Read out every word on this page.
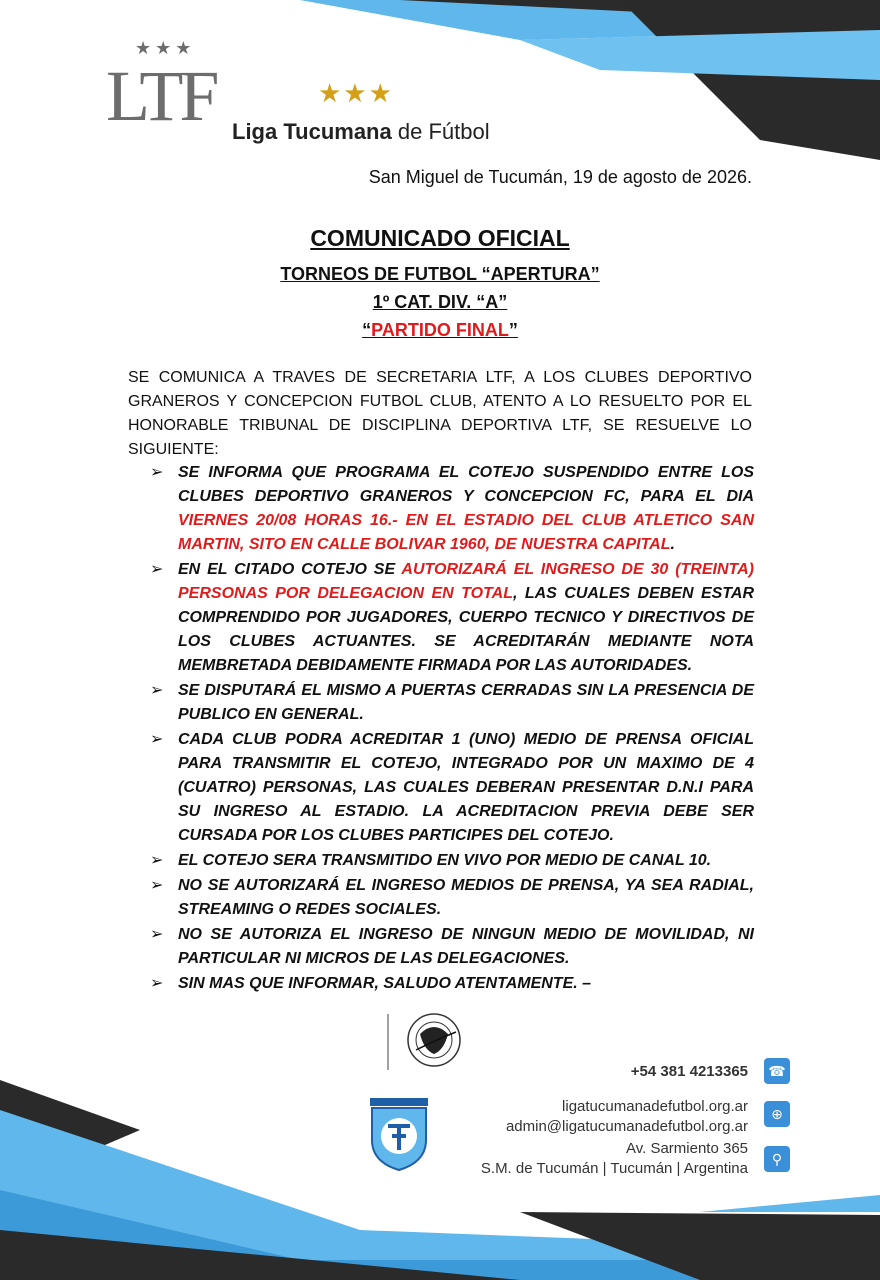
★★★
LTF	★★★
Liga Tucumana de Fútbol
San Miguel de Tucumán, 19 de agosto de 2026.
COMUNICADO OFICIAL
TORNEOS DE FUTBOL “APERTURA”
1º CAT. DIV. “A”
“PARTIDO FINAL”
SE COMUNICA A TRAVES DE SECRETARIA LTF, A LOS CLUBES DEPORTIVO GRANEROS Y CONCEPCION FUTBOL CLUB, ATENTO A LO RESUELTO POR EL HONORABLE TRIBUNAL DE DISCIPLINA DEPORTIVA LTF, SE RESUELVE LO SIGUIENTE:
➢ SE INFORMA QUE PROGRAMA EL COTEJO SUSPENDIDO ENTRE LOS CLUBES DEPORTIVO GRANEROS Y CONCEPCION FC, PARA EL DIA VIERNES 20/08 HORAS 16.- EN EL ESTADIO DEL CLUB ATLETICO SAN MARTIN, SITO EN CALLE BOLIVAR 1960, DE NUESTRA CAPITAL.
➢ EN EL CITADO COTEJO SE AUTORIZARÁ EL INGRESO DE 30 (TREINTA) PERSONAS POR DELEGACION EN TOTAL, LAS CUALES DEBEN ESTAR COMPRENDIDO POR JUGADORES, CUERPO TECNICO Y DIRECTIVOS DE LOS CLUBES ACTUANTES. SE ACREDITARÁN MEDIANTE NOTA MEMBRETADA DEBIDAMENTE FIRMADA POR LAS AUTORIDADES.
➢ SE DISPUTARÁ EL MISMO A PUERTAS CERRADAS SIN LA PRESENCIA DE PUBLICO EN GENERAL.
➢ CADA CLUB PODRA ACREDITAR 1 (UNO) MEDIO DE PRENSA OFICIAL PARA TRANSMITIR EL COTEJO, INTEGRADO POR UN MAXIMO DE 4 (CUATRO) PERSONAS, LAS CUALES DEBERAN PRESENTAR D.N.I PARA SU INGRESO AL ESTADIO. LA ACREDITACION PREVIA DEBE SER CURSADA POR LOS CLUBES PARTICIPES DEL COTEJO.
➢ EL COTEJO SERA TRANSMITIDO EN VIVO POR MEDIO DE CANAL 10.
➢ NO SE AUTORIZARÁ EL INGRESO MEDIOS DE PRENSA, YA SEA RADIAL, STREAMING O REDES SOCIALES.
➢ NO SE AUTORIZA EL INGRESO DE NINGUN MEDIO DE MOVILIDAD, NI PARTICULAR NI MICROS DE LAS DELEGACIONES.
➢ SIN MAS QUE INFORMAR, SALUDO ATENTAMENTE. –
+54 381 4213365	☎
ligatucumanadefutbol.org.ar
admin@ligatucumanadefutbol.org.ar
⊕
Av. Sarmiento 365
S.M. de Tucumán | Tucumán | Argentina
⚲
